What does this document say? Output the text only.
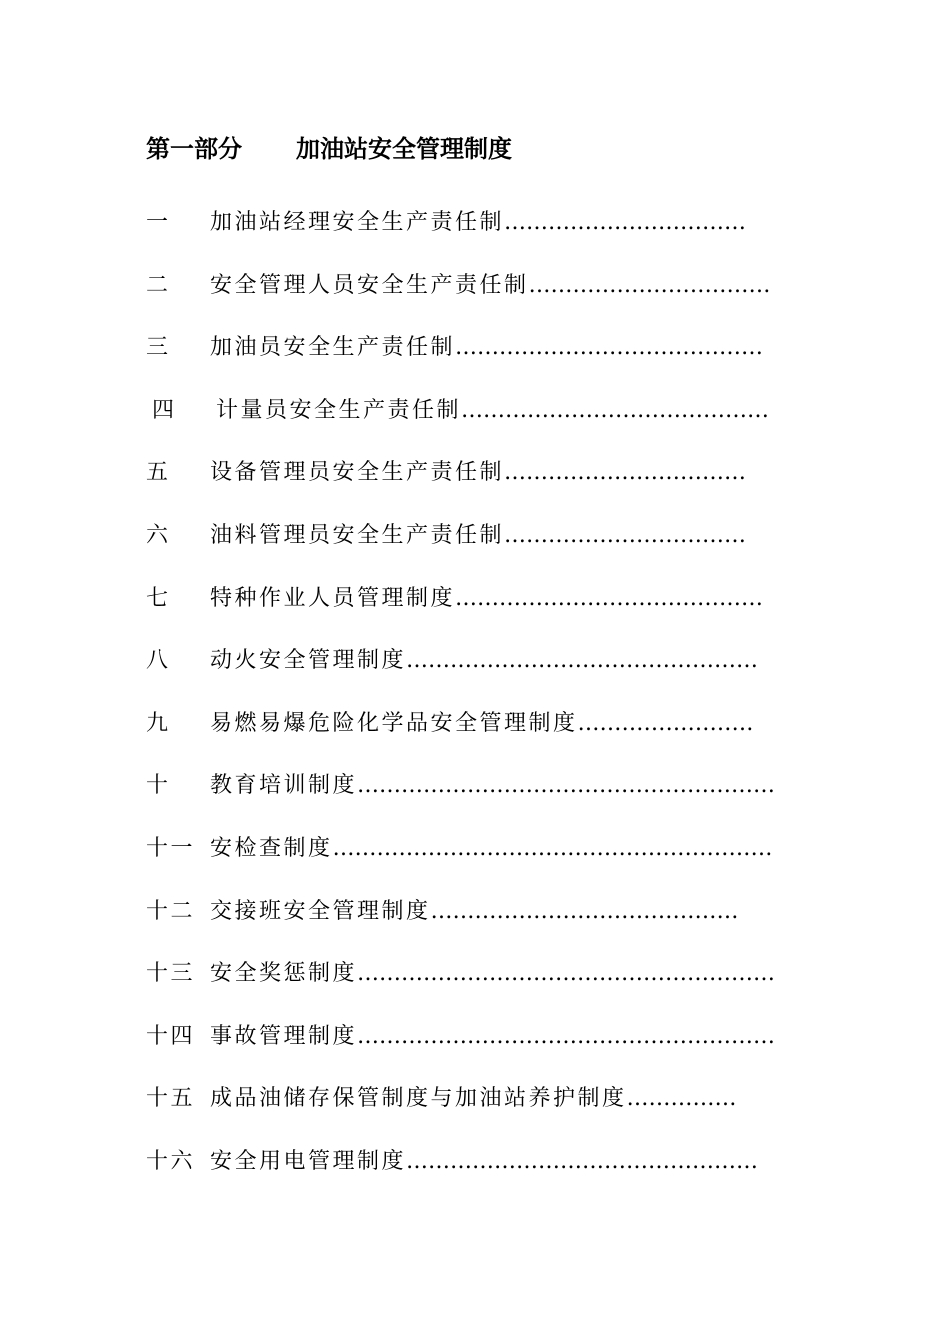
第一部分 加油站安全管理制度
一 加油站经理安全生产责任制……………………………
二 安全管理人员安全生产责任制……………………………
三 加油员安全生产责任制……………………………………
四 计量员安全生产责任制……………………………………
五 设备管理员安全生产责任制……………………………
六 油料管理员安全生产责任制……………………………
七 特种作业人员管理制度……………………………………
八 动火安全管理制度…………………………………………
九 易燃易爆危险化学品安全管理制度……………………
十 教育培训制度…………………………………………………
十一 安检查制度……………………………………………………
十二 交接班安全管理制度……………………………………
十三 安全奖惩制度…………………………………………………
十四 事故管理制度…………………………………………………
十五 成品油储存保管制度与加油站养护制度……………
十六 安全用电管理制度…………………………………………
